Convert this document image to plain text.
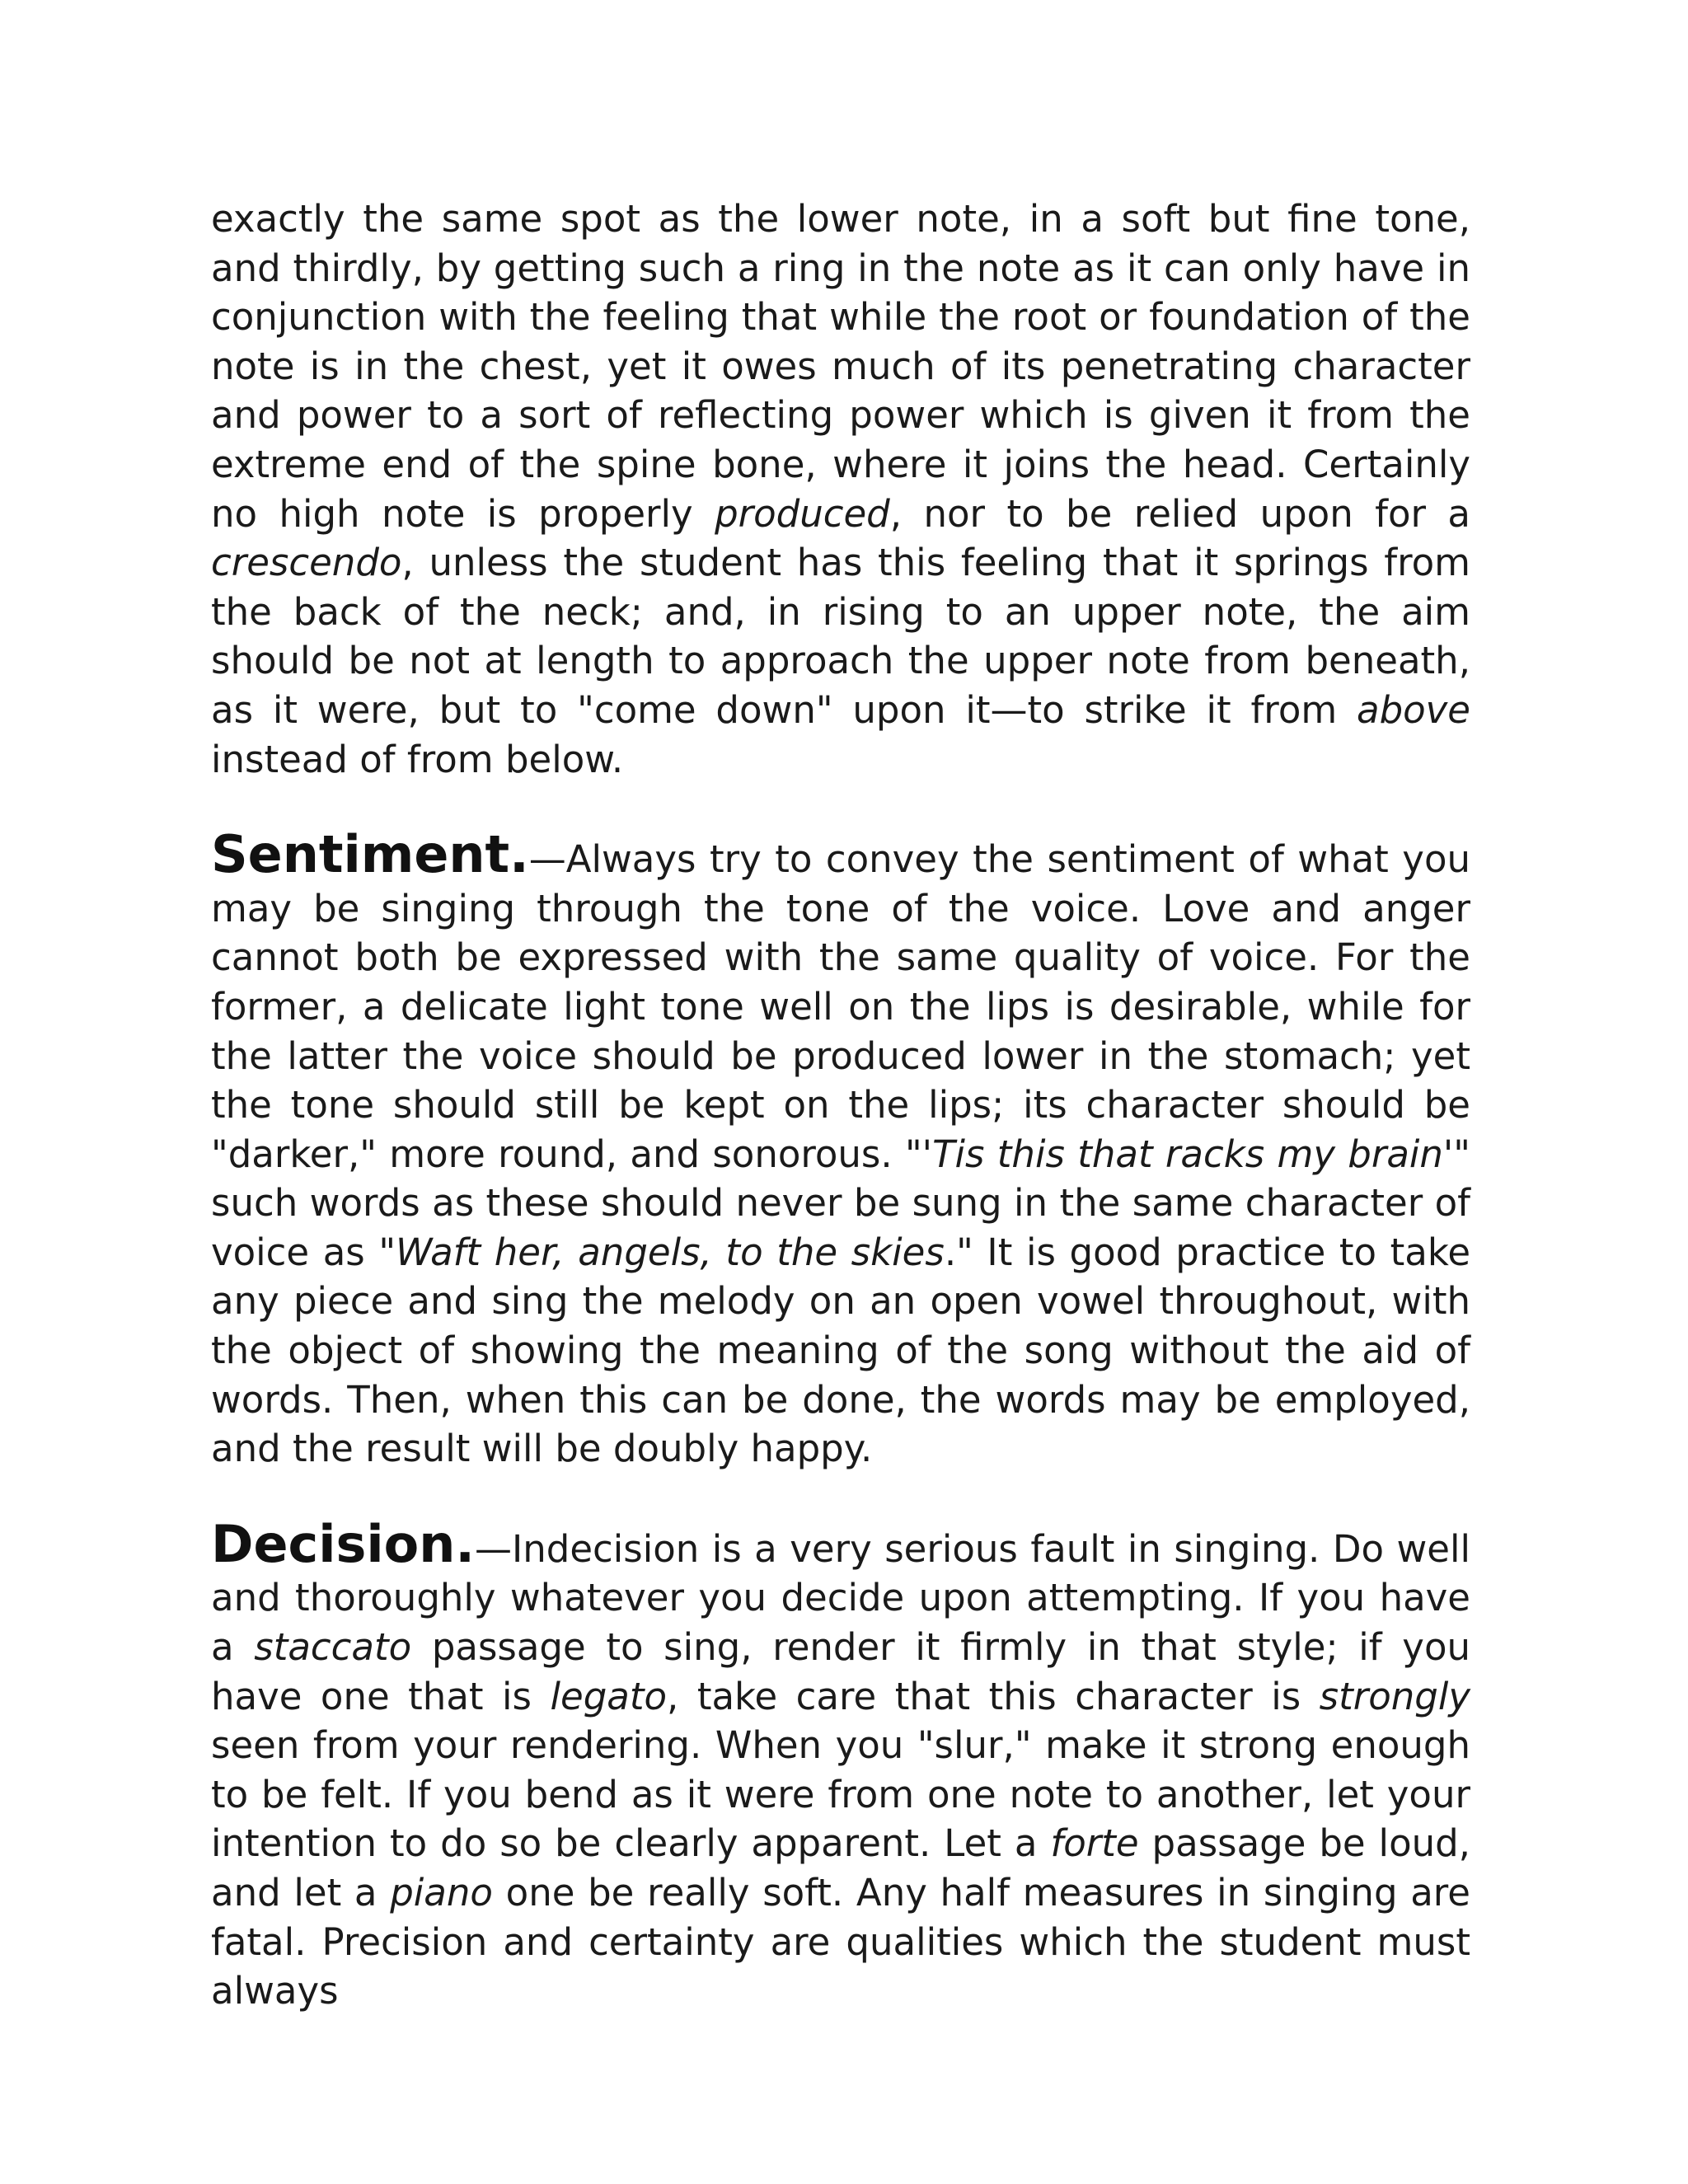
exactly the same spot as the lower note, in a soft but fine tone, and thirdly, by getting such a ring in the note as it can only have in conjunction with the feeling that while the root or foundation of the note is in the chest, yet it owes much of its penetrating character and power to a sort of reflecting power which is given it from the extreme end of the spine bone, where it joins the head. Certainly no high note is properly produced, nor to be relied upon for a crescendo, unless the student has this feeling that it springs from the back of the neck; and, in rising to an upper note, the aim should be not at length to approach the upper note from beneath, as it were, but to "come down" upon it—to strike it from above instead of from below.

Sentiment.—Always try to convey the sentiment of what you may be singing through the tone of the voice. Love and anger cannot both be expressed with the same quality of voice. For the former, a delicate light tone well on the lips is desirable, while for the latter the voice should be produced lower in the stomach; yet the tone should still be kept on the lips; its character should be "darker," more round, and sonorous. "'Tis this that racks my brain'" such words as these should never be sung in the same character of voice as "Waft her, angels, to the skies." It is good practice to take any piece and sing the melody on an open vowel throughout, with the object of showing the meaning of the song without the aid of words. Then, when this can be done, the words may be employed, and the result will be doubly happy.

Decision.—Indecision is a very serious fault in singing. Do well and thoroughly whatever you decide upon attempting. If you have a staccato passage to sing, render it firmly in that style; if you have one that is legato, take care that this character is strongly seen from your rendering. When you "slur," make it strong enough to be felt. If you bend as it were from one note to another, let your intention to do so be clearly apparent. Let a forte passage be loud, and let a piano one be really soft. Any half measures in singing are fatal. Precision and certainty are qualities which the student must always
